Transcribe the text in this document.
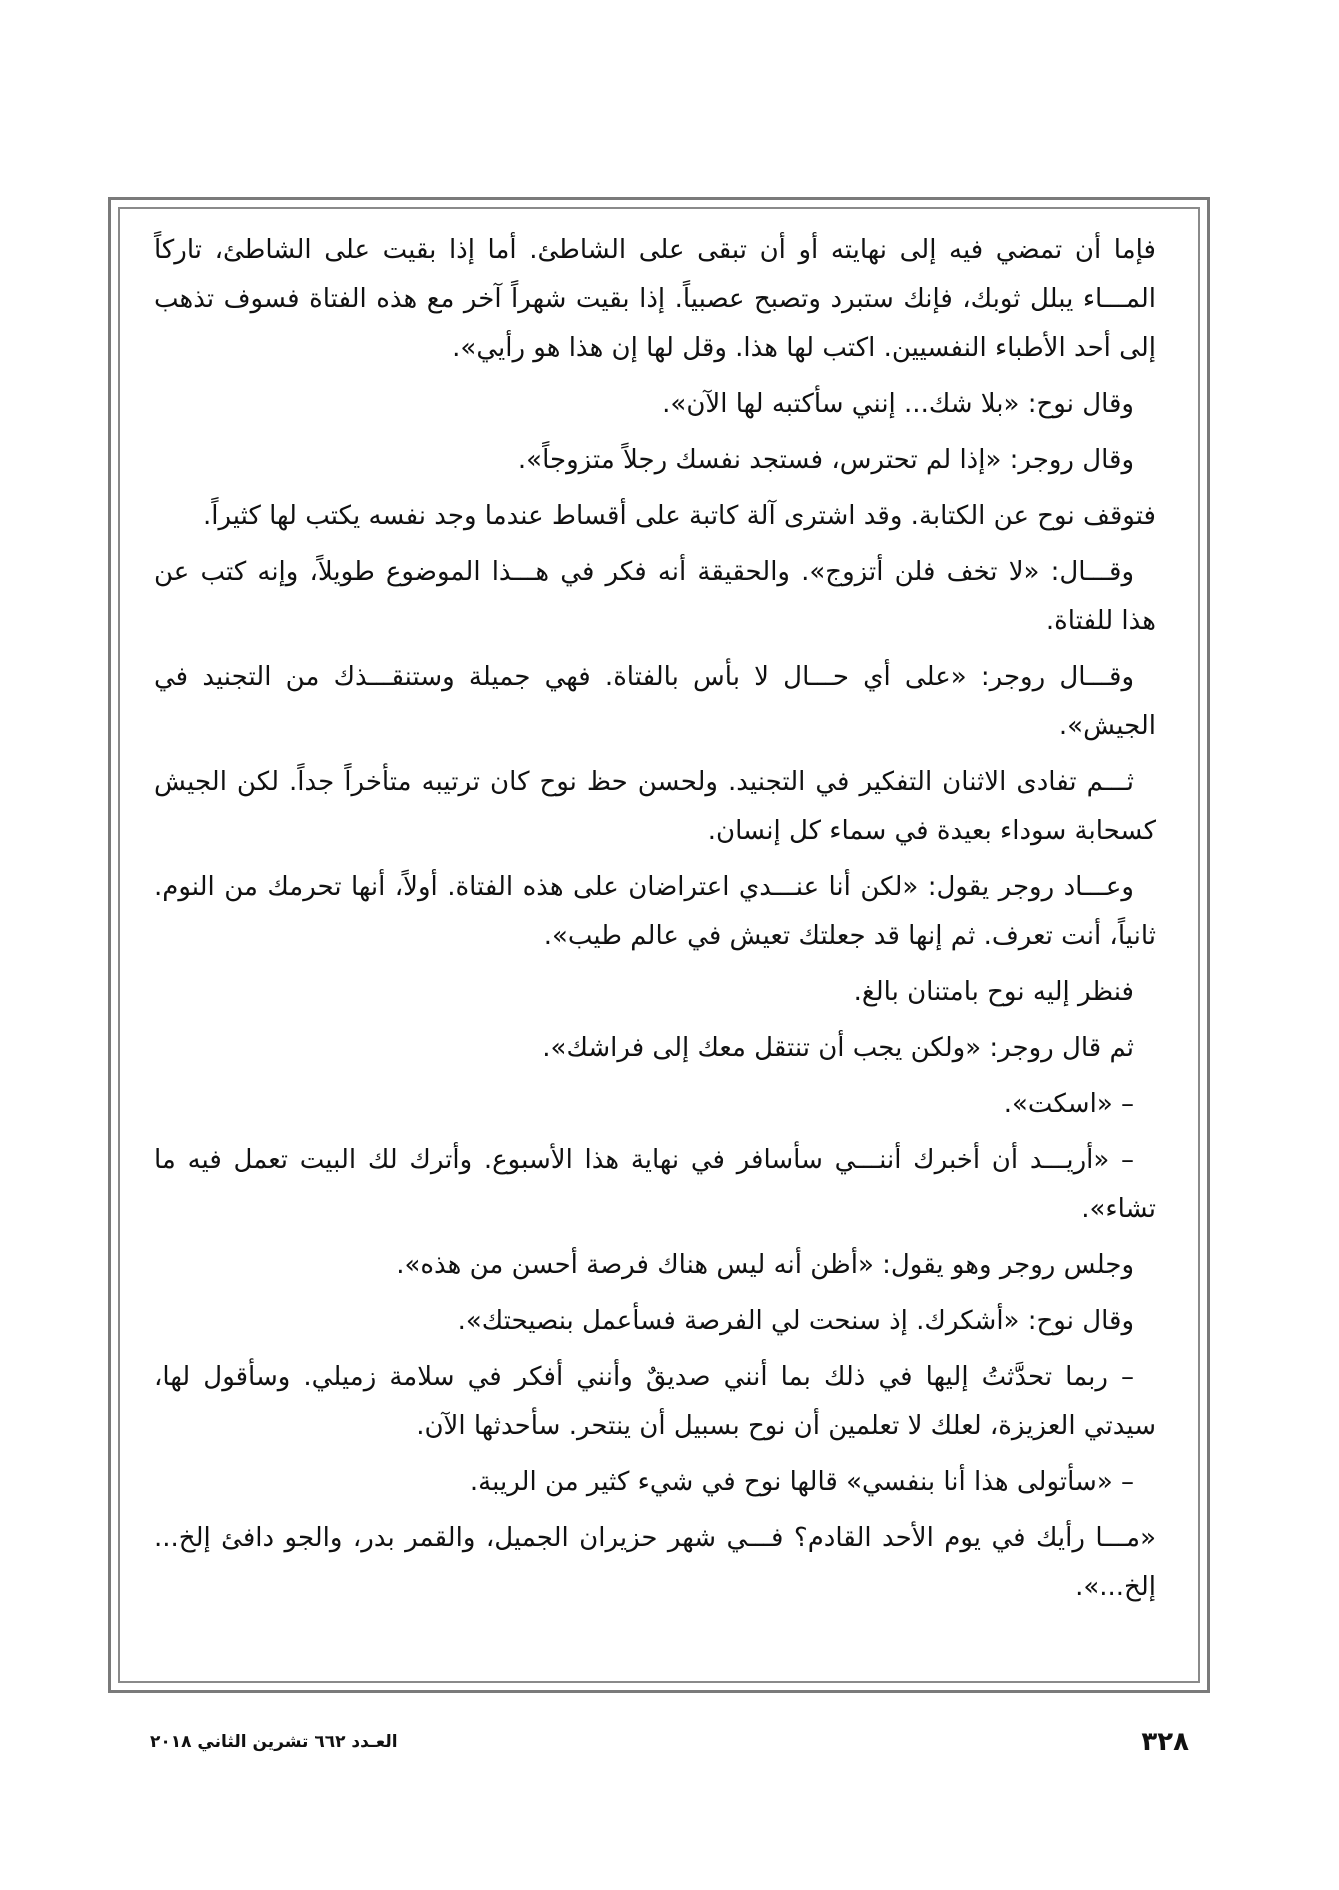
فإما أن تمضي فيه إلى نهايته أو أن تبقى على الشاطئ. أما إذا بقيت على الشاطئ، تاركاً المـــاء يبلل ثوبك، فإنك ستبرد وتصبح عصبياً. إذا بقيت شهراً آخر مع هذه الفتاة فسوف تذهب إلى أحد الأطباء النفسيين. اكتب لها هذا. وقل لها إن هذا هو رأيي».

وقال نوح: «بلا شك... إنني سأكتبه لها الآن».

وقال روجر: «إذا لم تحترس، فستجد نفسك رجلاً متزوجاً».

فتوقف نوح عن الكتابة. وقد اشترى آلة كاتبة على أقساط عندما وجد نفسه يكتب لها كثيراً.

وقـــال: «لا تخف فلن أتزوج». والحقيقة أنه فكر في هـــذا الموضوع طويلاً، وإنه كتب عن هذا للفتاة.

وقـــال روجر: «على أي حـــال لا بأس بالفتاة. فهي جميلة وستنقـــذك من التجنيد في الجيش».

ثـــم تفادى الاثنان التفكير في التجنيد. ولحسن حظ نوح كان ترتيبه متأخراً جداً. لكن الجيش كسحابة سوداء بعيدة في سماء كل إنسان.

وعـــاد روجر يقول: «لكن أنا عنـــدي اعتراضان على هذه الفتاة. أولاً، أنها تحرمك من النوم. ثانياً، أنت تعرف. ثم إنها قد جعلتك تعيش في عالم طيب».

فنظر إليه نوح بامتنان بالغ.

ثم قال روجر: «ولكن يجب أن تنتقل معك إلى فراشك».

– «اسكت».

– «أريـــد أن أخبرك أننـــي سأسافر في نهاية هذا الأسبوع. وأترك لك البيت تعمل فيه ما تشاء».

وجلس روجر وهو يقول: «أظن أنه ليس هناك فرصة أحسن من هذه».

وقال نوح: «أشكرك. إذ سنحت لي الفرصة فسأعمل بنصيحتك».

– ربما تحدَّثتُ إليها في ذلك بما أنني صديقٌ وأنني أفكر في سلامة زميلي. وسأقول لها، سيدتي العزيزة، لعلك لا تعلمين أن نوح بسبيل أن ينتحر. سأحدثها الآن.

– «سأتولى هذا أنا بنفسي» قالها نوح في شيء كثير من الريبة.

«مـــا رأيك في يوم الأحد القادم؟ فـــي شهر حزيران الجميل، والقمر بدر، والجو دافئ إلخ... إلخ...».

٣٢٨
العـدد ٦٦٢ تشرين الثاني ٢٠١٨
